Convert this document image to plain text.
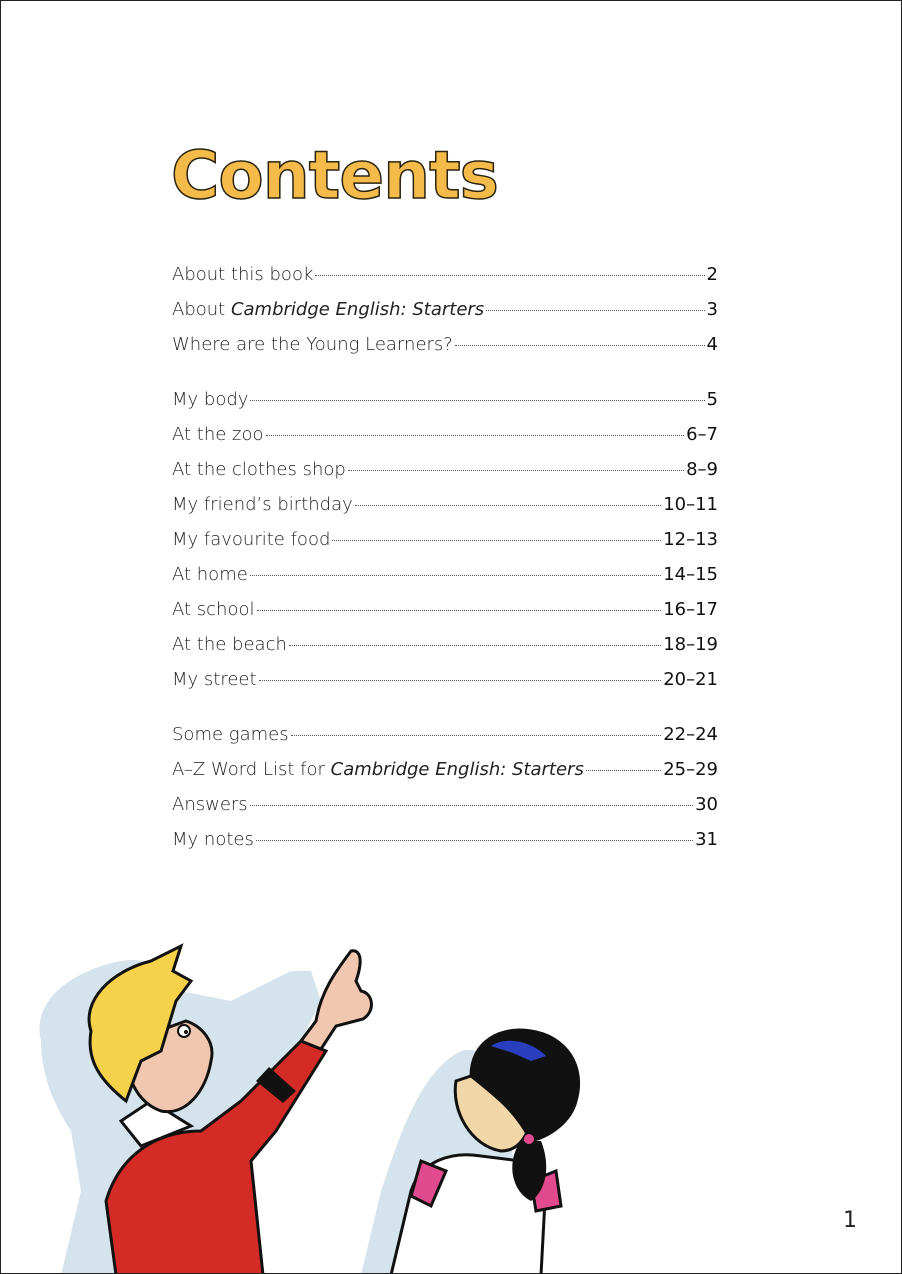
Contents
About this book	2
About Cambridge English: Starters	3
Where are the Young Learners?	4
My body	5
At the zoo	6–7
At the clothes shop	8–9
My friend’s birthday	10–11
My favourite food	12–13
At home	14–15
At school	16–17
At the beach	18–19
My street	20–21
Some games	22–24
A–Z Word List for Cambridge English: Starters	25–29
Answers	30
My notes	31
1
